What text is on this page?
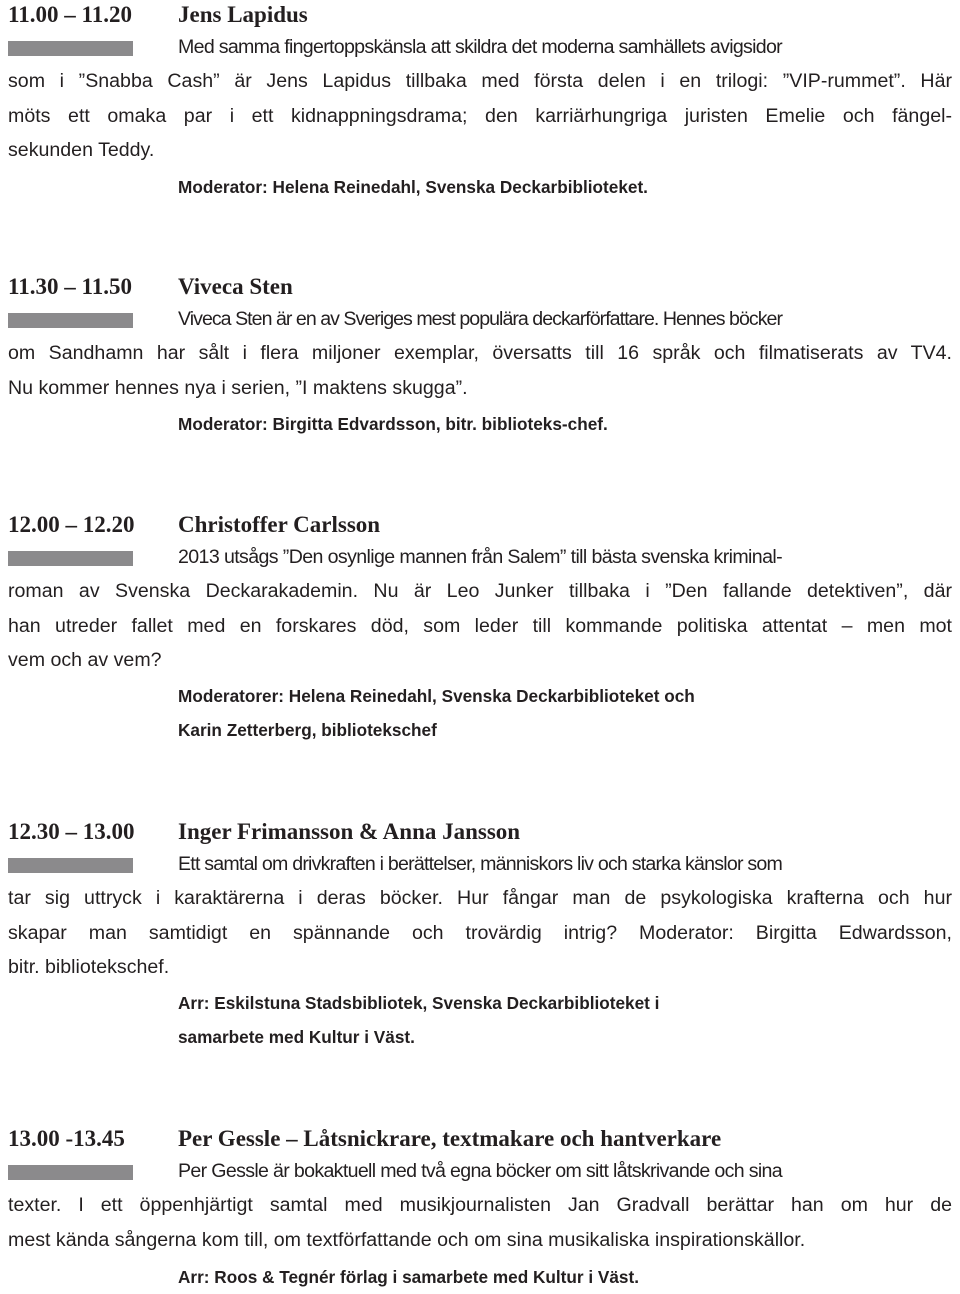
11.00 – 11.20 Jens Lapidus

Med samma fingertoppskänsla att skildra det moderna samhällets avigsidor
som i ”Snabba Cash” är Jens Lapidus tillbaka med första delen i en trilogi: ”VIP-rummet”. Här
möts ett omaka par i ett kidnappningsdrama; den karriärhungriga juristen Emelie och fängel-
sekunden Teddy.

Moderator: Helena Reinedahl, Svenska Deckarbiblioteket.
11.30 – 11.50 Viveca Sten

Viveca Sten är en av Sveriges mest populära deckarförfattare. Hennes böcker
om Sandhamn har sålt i flera miljoner exemplar, översatts till 16 språk och filmatiserats av TV4.
Nu kommer hennes nya i serien, ”I maktens skugga”.

Moderator: Birgitta Edvardsson, bitr. biblioteks-chef.
12.00 – 12.20 Christoffer Carlsson

2013 utsågs ”Den osynlige mannen från Salem” till bästa svenska kriminal-
roman av Svenska Deckarakademin. Nu är Leo Junker tillbaka i ”Den fallande detektiven”, där
han utreder fallet med en forskares död, som leder till kommande politiska attentat – men mot
vem och av vem?

Moderatorer: Helena Reinedahl, Svenska Deckarbiblioteket och
Karin Zetterberg, bibliotekschef
12.30 – 13.00 Inger Frimansson & Anna Jansson

Ett samtal om drivkraften i berättelser, människors liv och starka känslor som
tar sig uttryck i karaktärerna i deras böcker. Hur fångar man de psykologiska krafterna och hur
skapar man samtidigt en spännande och trovärdig intrig? Moderator: Birgitta Edwardsson,
bitr. bibliotekschef.

Arr: Eskilstuna Stadsbibliotek, Svenska Deckarbiblioteket i
samarbete med Kultur i Väst.
13.00 -13.45 Per Gessle – Låtsnickrare, textmakare och hantverkare

Per Gessle är bokaktuell med två egna böcker om sitt låtskrivande och sina
texter. I ett öppenhjärtigt samtal med musikjournalisten Jan Gradvall berättar han om hur de
mest kända sångerna kom till, om textförfattande och om sina musikaliska inspirationskällor.

Arr: Roos & Tegnér förlag i samarbete med Kultur i Väst.
